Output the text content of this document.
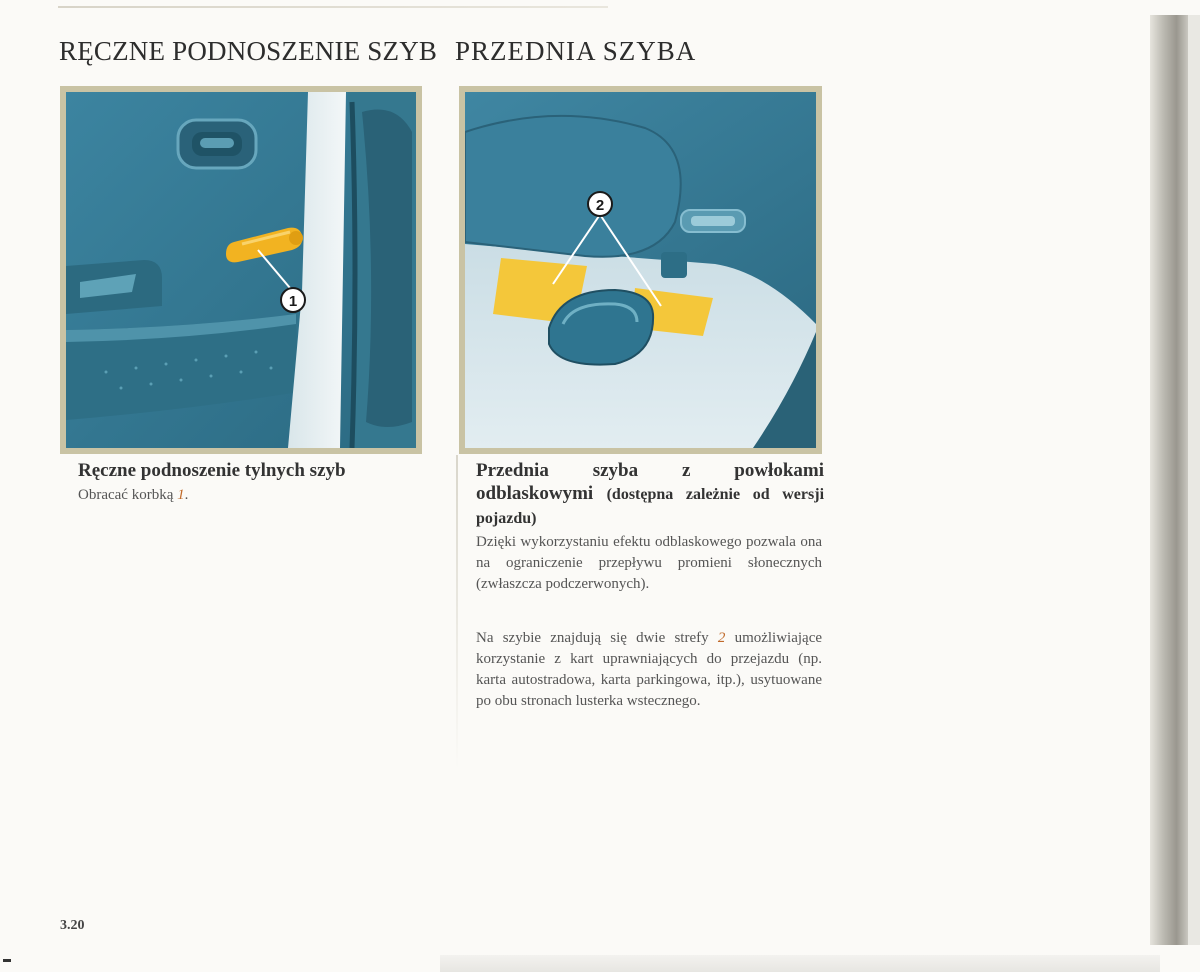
RĘCZNE PODNOSZENIE SZYB PRZEDNIA SZYBA
1
2
Ręczne podnoszenie tylnych szyb

Obracać korbką 1.

Przednia szyba z powłokami odblaskowymi (dostępna zależnie od wersji pojazdu)

Dzięki wykorzystaniu efektu odblaskowego pozwala ona na ograniczenie przepływu promieni słonecznych (zwłaszcza podczerwonych).

Na szybie znajdują się dwie strefy 2 umożliwiające korzystanie z kart uprawniających do przejazdu (np. karta autostradowa, karta parkingowa, itp.), usytuowane po obu stronach lusterka wstecznego.

3.20
